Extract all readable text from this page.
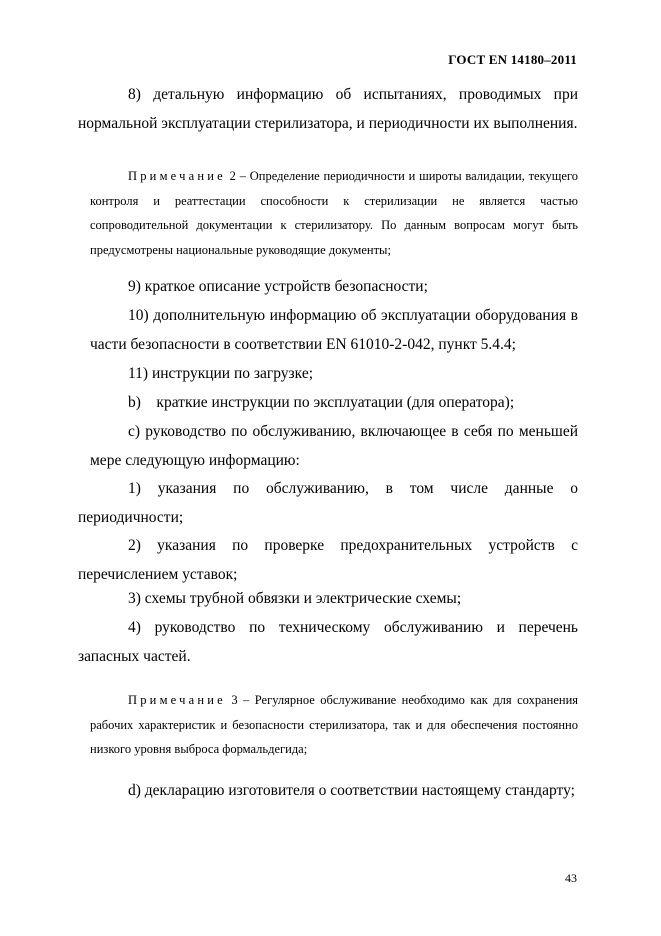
ГОСТ EN 14180–2011
8) детальную информацию об испытаниях, проводимых при
нормальной эксплуатации стерилизатора, и периодичности их выполнения.
Примечание 2 – Определение периодичности и широты валидации, текущего контроля и реаттестации способности к стерилизации не является частью сопроводительной документации к стерилизатору. По данным вопросам могут быть предусмотрены национальные руководящие документы;
9) краткое описание устройств безопасности;
10) дополнительную информацию об эксплуатации оборудования в части безопасности в соответствии EN 61010-2-042, пункт 5.4.4;
11) инструкции по загрузке;
b)    краткие инструкции по эксплуатации (для оператора);
c) руководство по обслуживанию, включающее в себя по меньшей мере следующую информацию:
1) указания по обслуживанию, в том числе данные о периодичности;
2) указания по проверке предохранительных устройств с перечислением уставок;
3) схемы трубной обвязки и электрические схемы;
4) руководство по техническому обслуживанию и перечень запасных частей.
Примечание 3 – Регулярное обслуживание необходимо как для сохранения рабочих характеристик и безопасности стерилизатора, так и для обеспечения постоянно низкого уровня выброса формальдегида;
d) декларацию изготовителя о соответствии настоящему стандарту;
43
